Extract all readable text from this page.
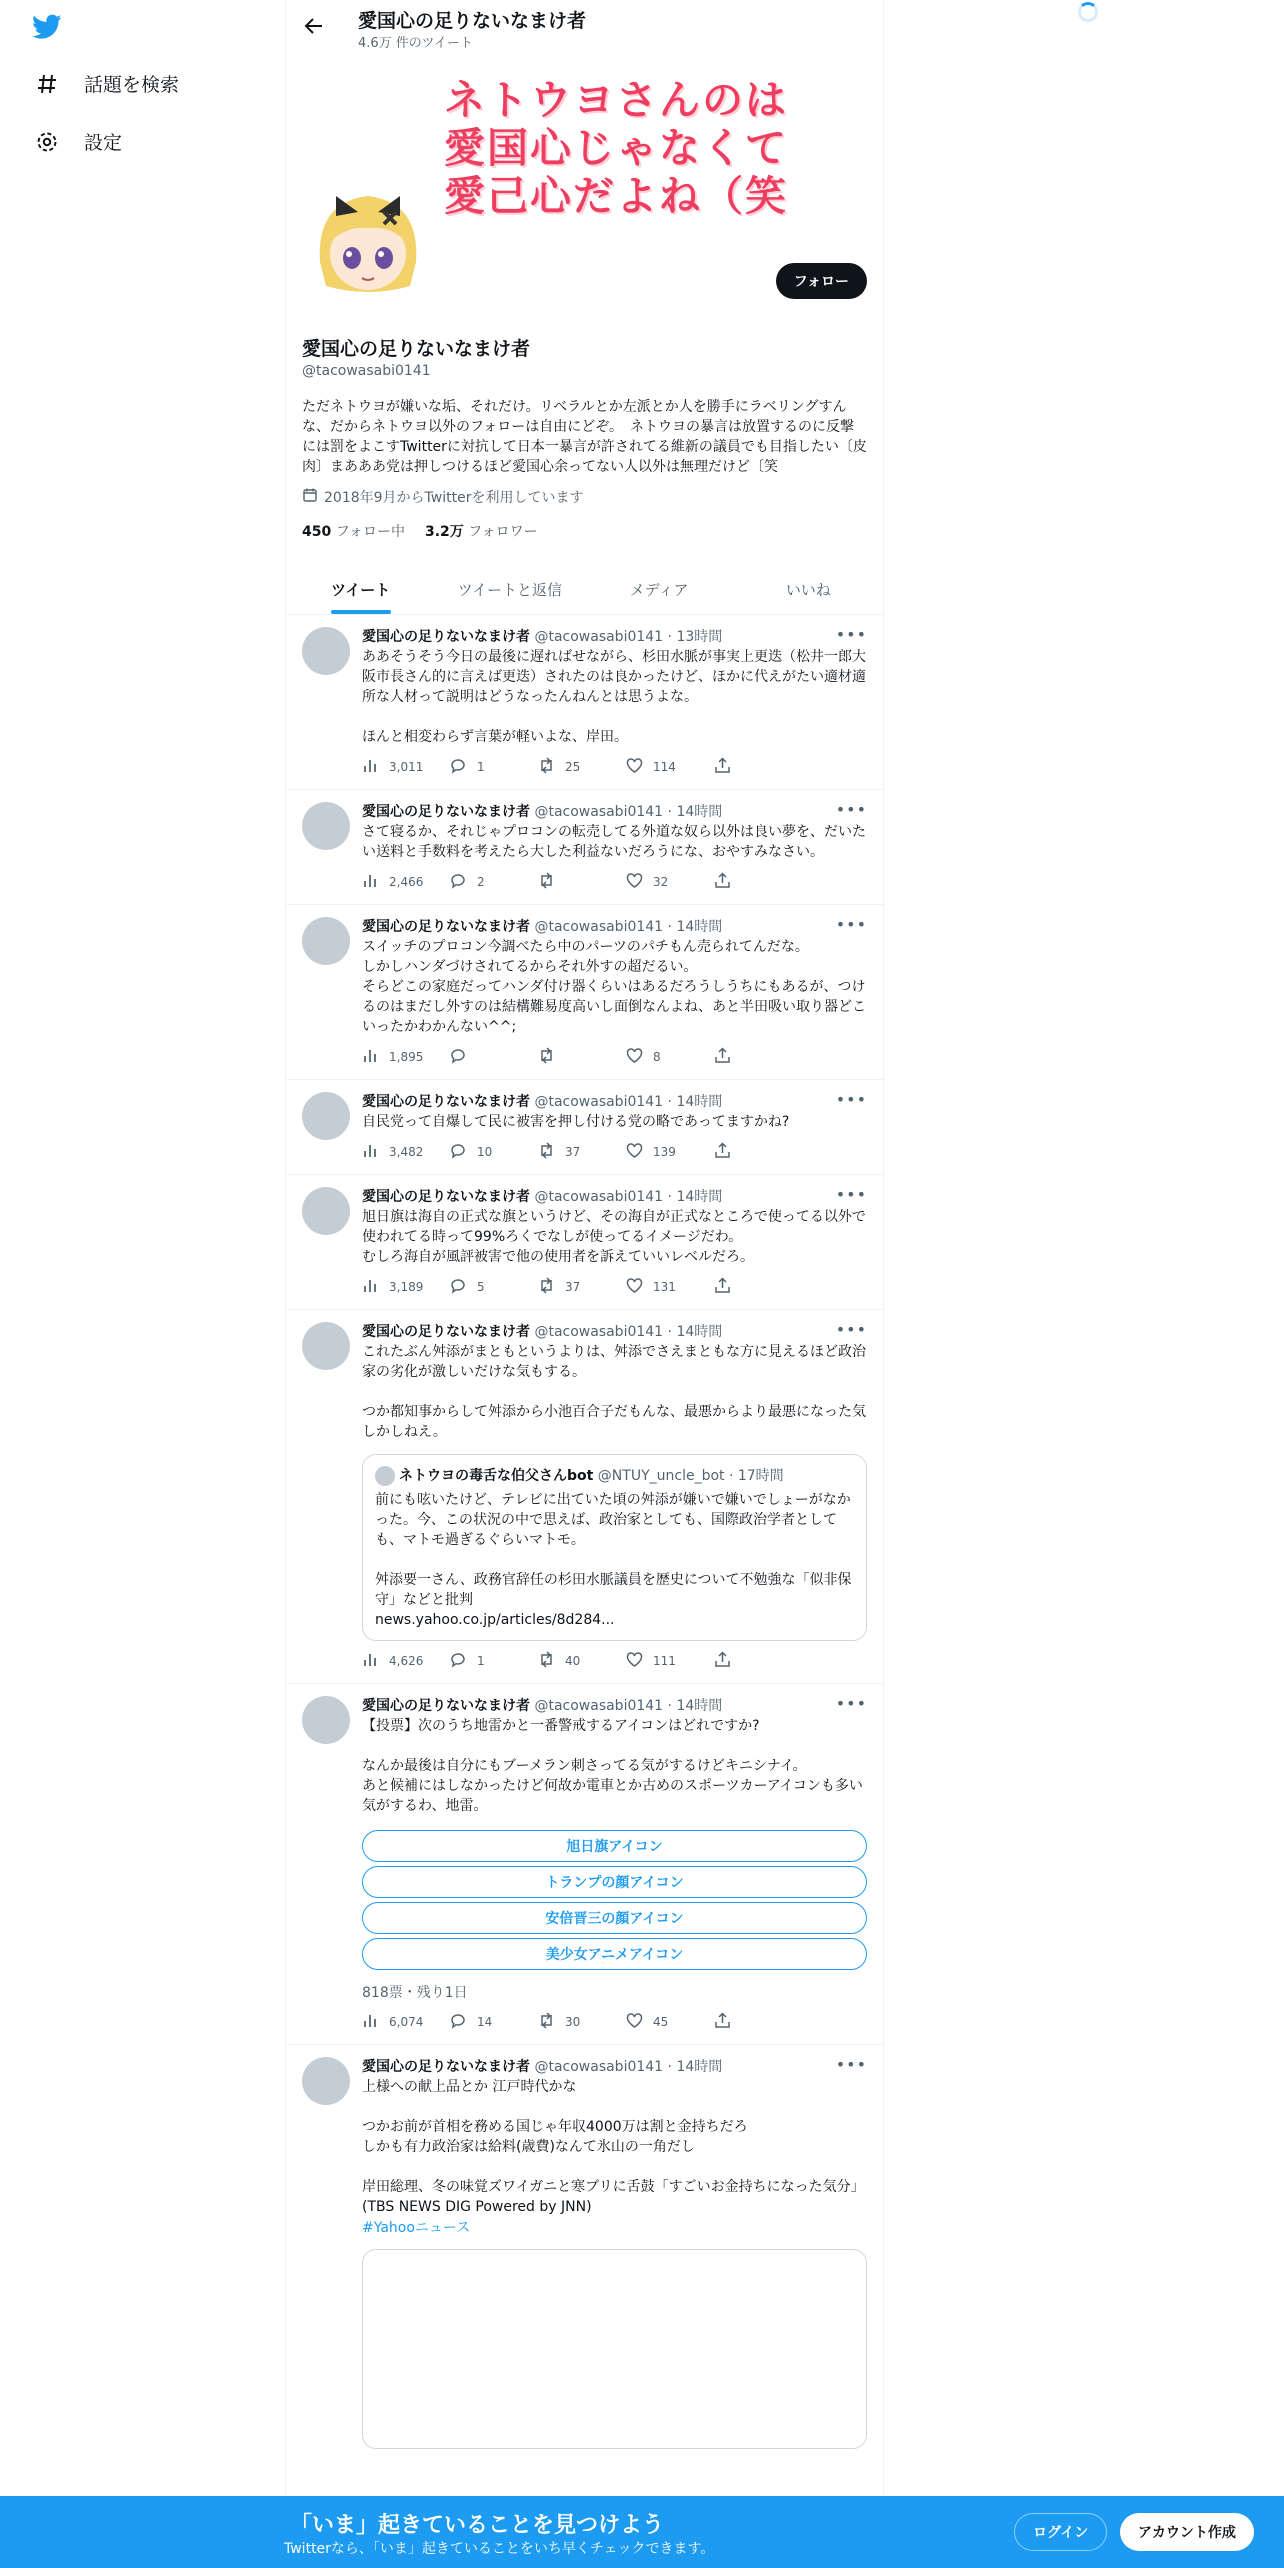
話題を検索
設定
愛国心の足りないなまけ者
4.6万 件のツイート
ネトウヨさんのは
愛国心じゃなくて
愛己心だよね（笑
フォロー
愛国心の足りないなまけ者
@tacowasabi0141
ただネトウヨが嫌いな垢、それだけ。リベラルとか左派とか人を勝手にラベリングすんな、だからネトウヨ以外のフォローは自由にどぞ。　ネトウヨの暴言は放置するのに反撃には罰をよこすTwitterに対抗して日本一暴言が許されてる維新の議員でも目指したい〔皮肉〕まあああ党は押しつけるほど愛国心余ってない人以外は無理だけど〔笑
2018年9月からTwitterを利用しています
450 フォロー中 3.2万 フォロワー
ツイート	ツイートと返信	メディア	いいね
愛国心の足りないなまけ者 @tacowasabi0141 · 13時間	•••
ああそうそう今日の最後に遅ればせながら、杉田水脈が事実上更迭（松井一郎大阪市長さん的に言えば更迭）されたのは良かったけど、ほかに代えがたい適材適所な人材って説明はどうなったんねんとは思うよな。

ほんと相変わらず言葉が軽いよな、岸田。
3,011	1	25	114
愛国心の足りないなまけ者 @tacowasabi0141 · 14時間	•••
さて寝るか、それじゃプロコンの転売してる外道な奴ら以外は良い夢を、だいたい送料と手数料を考えたら大した利益ないだろうにな、おやすみなさい。
2,466	2	32
愛国心の足りないなまけ者 @tacowasabi0141 · 14時間	•••
スイッチのプロコン今調べたら中のパーツのパチもん売られてんだな。
しかしハンダづけされてるからそれ外すの超だるい。
そらどこの家庭だってハンダ付け器くらいはあるだろうしうちにもあるが、つけるのはまだし外すのは結構難易度高いし面倒なんよね、あと半田吸い取り器どこいったかわかんない^^;
1,895	8
愛国心の足りないなまけ者 @tacowasabi0141 · 14時間	•••
自民党って自爆して民に被害を押し付ける党の略であってますかね?
3,482	10	37	139
愛国心の足りないなまけ者 @tacowasabi0141 · 14時間	•••
旭日旗は海自の正式な旗というけど、その海自が正式なところで使ってる以外で使われてる時って99%ろくでなしが使ってるイメージだわ。
むしろ海自が風評被害で他の使用者を訴えていいレベルだろ。
3,189	5	37	131
愛国心の足りないなまけ者 @tacowasabi0141 · 14時間	•••
これたぶん舛添がまともというよりは、舛添でさえまともな方に見えるほど政治家の劣化が激しいだけな気もする。

つか都知事からして舛添から小池百合子だもんな、最悪からより最悪になった気しかしねえ。
ネトウヨの毒舌な伯父さんbot @NTUY_uncle_bot · 17時間
前にも呟いたけど、テレビに出ていた頃の舛添が嫌いで嫌いでしょーがなかった。今、この状況の中で思えば、政治家としても、国際政治学者としても、マトモ過ぎるぐらいマトモ。

舛添要一さん、政務官辞任の杉田水脈議員を歴史について不勉強な「似非保守」などと批判
news.yahoo.co.jp/articles/8d284...
4,626	1	40	111
愛国心の足りないなまけ者 @tacowasabi0141 · 14時間	•••
【投票】次のうち地雷かと一番警戒するアイコンはどれですか?

なんか最後は自分にもブーメラン刺さってる気がするけどキニシナイ。
あと候補にはしなかったけど何故か電車とか古めのスポーツカーアイコンも多い気がするわ、地雷。
旭日旗アイコン
トランプの顔アイコン
安倍晋三の顔アイコン
美少女アニメアイコン
818票・残り1日
6,074	14	30	45
愛国心の足りないなまけ者 @tacowasabi0141 · 14時間	•••
上様への献上品とか 江戸時代かな

つかお前が首相を務める国じゃ年収4000万は割と金持ちだろ
しかも有力政治家は給料(歳費)なんて氷山の一角だし

岸田総理、冬の味覚ズワイガニと寒ブリに舌鼓「すごいお金持ちになった気分」(TBS NEWS DIG Powered by JNN)
#Yahooニュース
「いま」起きていることを見つけよう
Twitterなら、「いま」起きていることをいち早くチェックできます。
ログイン	アカウント作成
